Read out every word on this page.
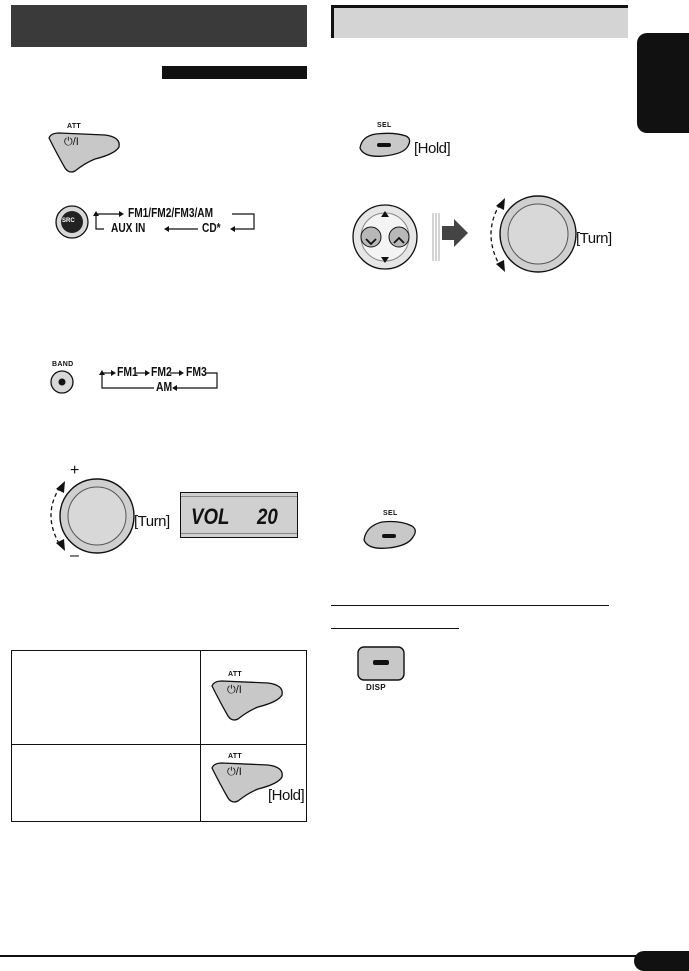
ATT
⏻/I
SRC
FM1/FM2/FM3/AM
AUX IN	CD*
BAND	FM1 FM2 FM3
AM
+
–
[Turn] VOL 20
ATT
⏻/I
ATT
⏻/I
[Hold]
SEL
[Hold]
[Turn]
SEL
DISP
